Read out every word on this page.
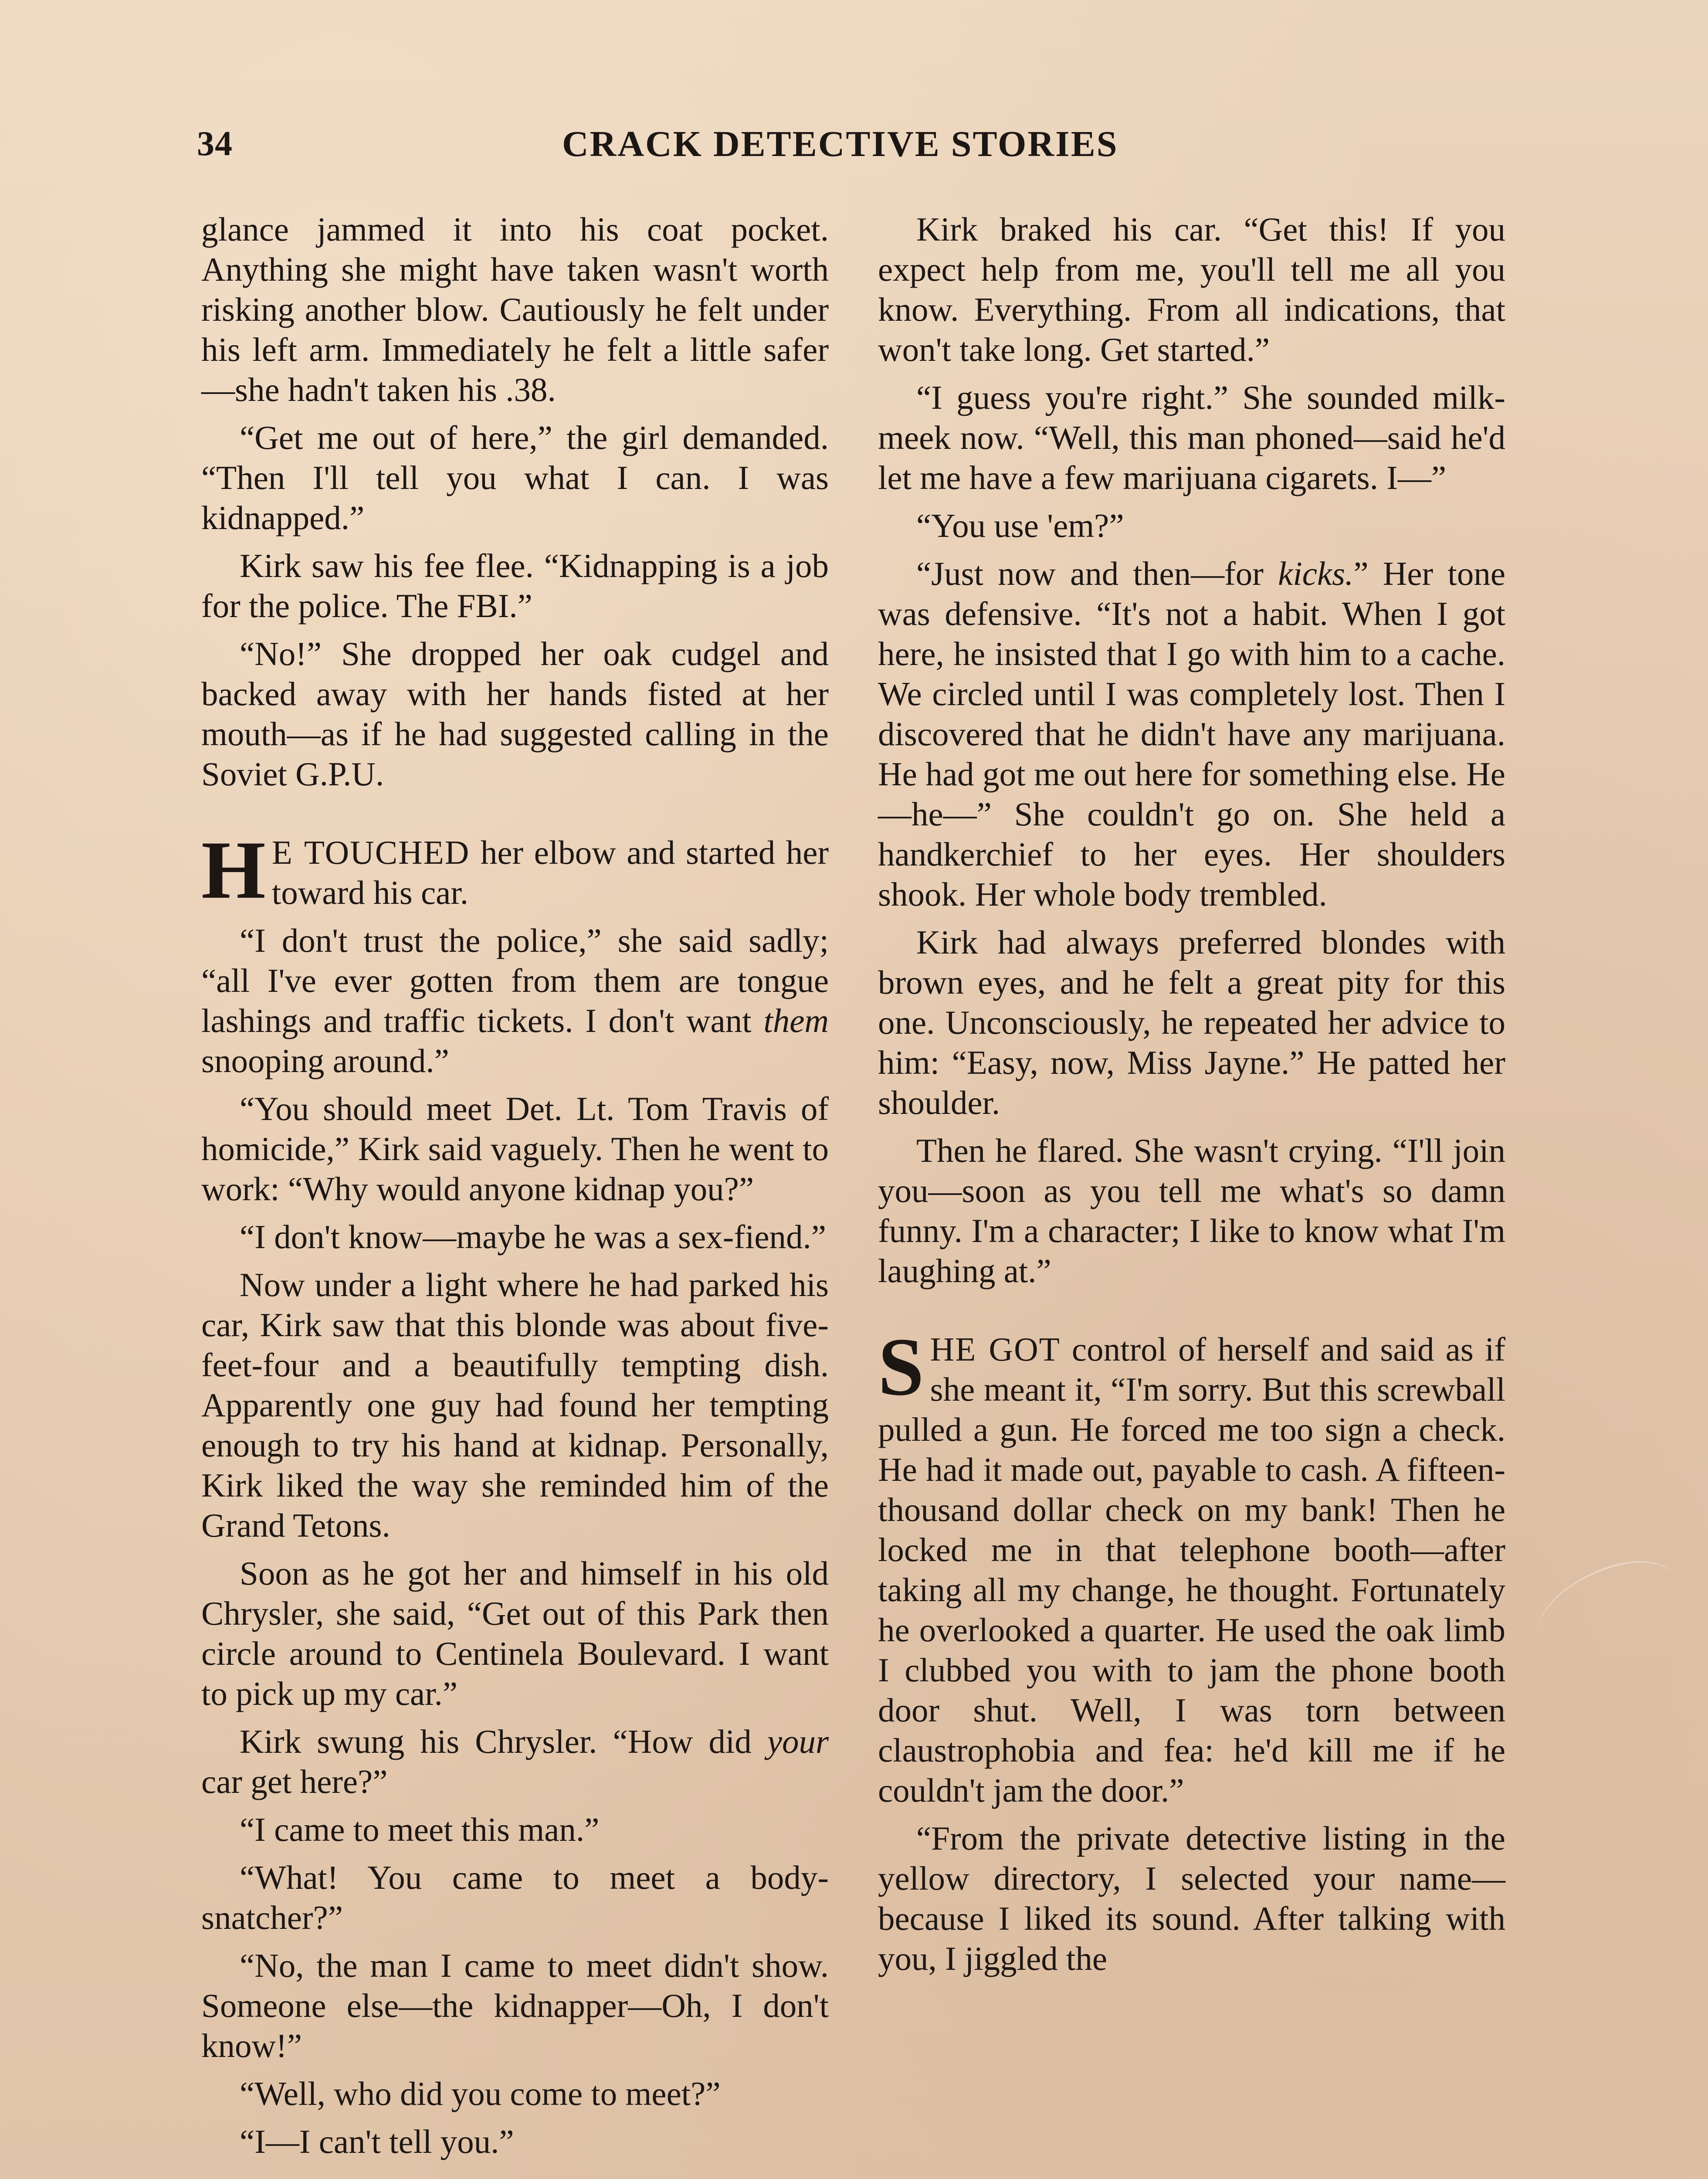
34	CRACK DETECTIVE STORIES

glance jammed it into his coat pocket. Anything she might have taken wasn't worth risking another blow. Cautiously he felt under his left arm. Immediately he felt a little safer—she hadn't taken his .38.

“Get me out of here,” the girl demanded. “Then I'll tell you what I can. I was kidnapped.”

Kirk saw his fee flee. “Kidnapping is a job for the police. The FBI.”

“No!” She dropped her oak cudgel and backed away with her hands fisted at her mouth—as if he had suggested calling in the Soviet G.P.U.

H E TOUCHED her elbow and started her toward his car.

“I don't trust the police,” she said sadly; “all I've ever gotten from them are tongue lashings and traffic tickets. I don't want them snooping around.”

“You should meet Det. Lt. Tom Travis of homicide,” Kirk said vaguely. Then he went to work: “Why would anyone kidnap you?”

“I don't know—maybe he was a sex-fiend.”

Now under a light where he had parked his car, Kirk saw that this blonde was about five-feet-four and a beautifully tempting dish. Apparently one guy had found her tempting enough to try his hand at kidnap. Personally, Kirk liked the way she reminded him of the Grand Tetons.

Soon as he got her and himself in his old Chrysler, she said, “Get out of this Park then circle around to Centinela Boulevard. I want to pick up my car.”

Kirk swung his Chrysler. “How did your car get here?”

“I came to meet this man.”

“What! You came to meet a body-snatcher?”

“No, the man I came to meet didn't show. Someone else—the kidnapper—Oh, I don't know!”

“Well, who did you come to meet?”

“I—I can't tell you.”

Kirk braked his car. “Get this! If you expect help from me, you'll tell me all you know. Everything. From all indications, that won't take long. Get started.”

“I guess you're right.” She sounded milk-meek now. “Well, this man phoned—said he'd let me have a few marijuana cigarets. I—”

“You use 'em?”

“Just now and then—for kicks.” Her tone was defensive. “It's not a habit. When I got here, he insisted that I go with him to a cache. We circled until I was completely lost. Then I discovered that he didn't have any marijuana. He had got me out here for something else. He—he—” She couldn't go on. She held a handkerchief to her eyes. Her shoulders shook. Her whole body trembled.

Kirk had always preferred blondes with brown eyes, and he felt a great pity for this one. Unconsciously, he repeated her advice to him: “Easy, now, Miss Jayne.” He patted her shoulder.

Then he flared. She wasn't crying. “I'll join you—soon as you tell me what's so damn funny. I'm a character; I like to know what I'm laughing at.”

SHE GOT control of herself and said as if she meant it, “I'm sorry. But this screwball pulled a gun. He forced me too sign a check. He had it made out, payable to cash. A fifteen-thousand dollar check on my bank! Then he locked me in that telephone booth—after taking all my change, he thought. Fortunately he overlooked a quarter. He used the oak limb I clubbed you with to jam the phone booth door shut. Well, I was torn between claustrophobia and fea: he'd kill me if he couldn't jam the door.”

“From the private detective listing in the yellow directory, I selected your name—because I liked its sound. After talking with you, I jiggled the
